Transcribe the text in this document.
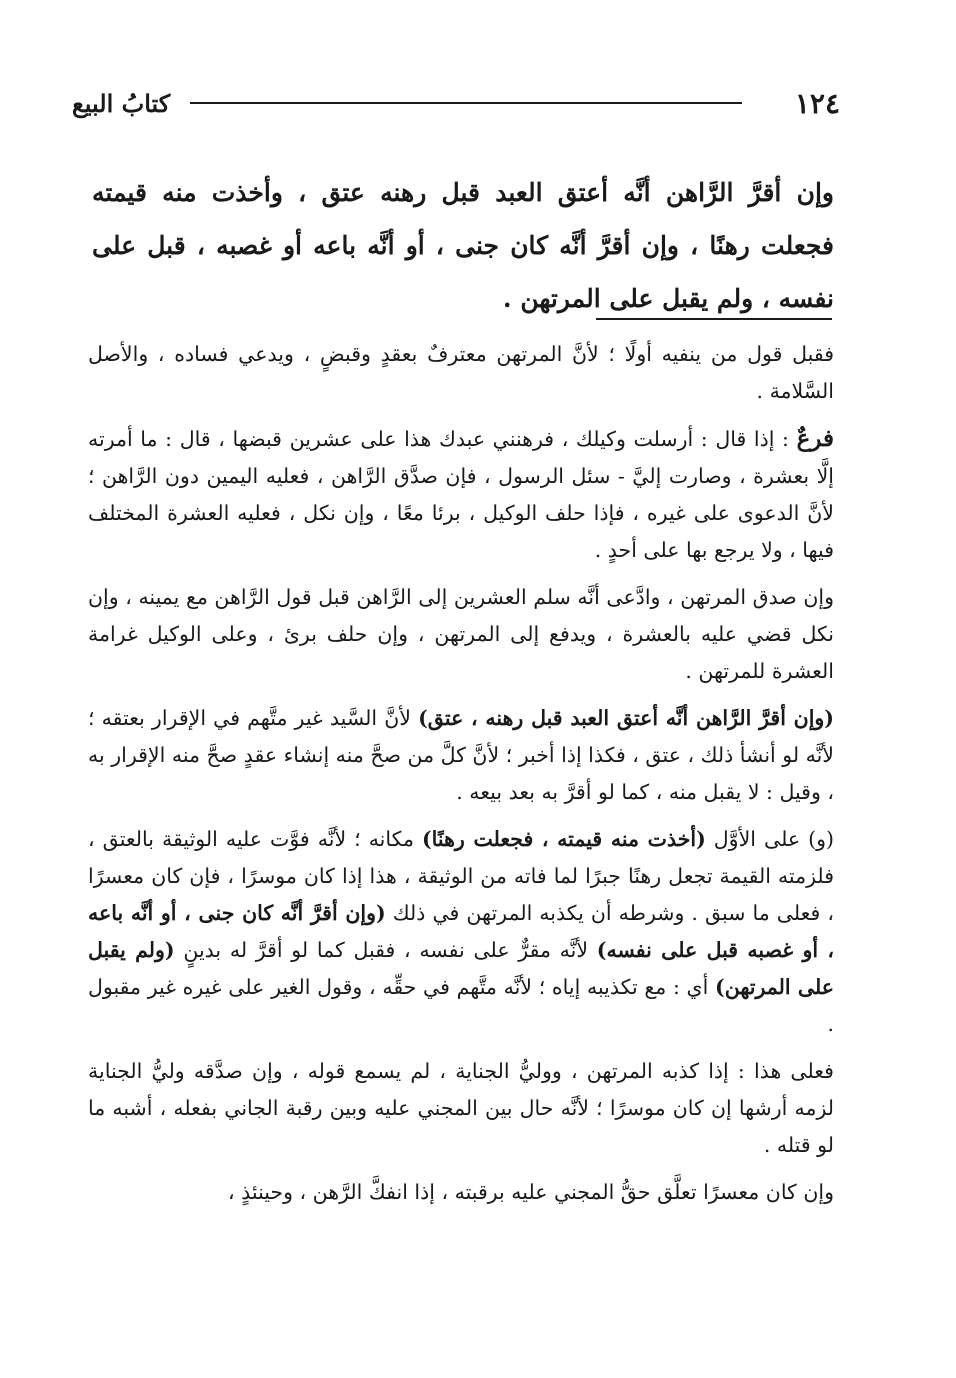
١٢٤
كتابُ البيع
وإن أقرَّ الرَّاهن أنَّه أعتق العبد قبل رهنه عتق ، وأخذت منه قيمته فجعلت رهنًا ، وإن أقرَّ أنَّه كان جنى ، أو أنَّه باعه أو غصبه ، قبل على نفسه ، ولم يقبل على المرتهن .

فقبل قول من ينفيه أولًا ؛ لأنَّ المرتهن معترفٌ بعقدٍ وقبضٍ ، ويدعي فساده ، والأصل السَّلامة .

فرعٌ : إذا قال : أرسلت وكيلك ، فرهنني عبدك هذا على عشرين قبضها ، قال : ما أمرته إلَّا بعشرة ، وصارت إليَّ - سئل الرسول ، فإن صدَّق الرَّاهن ، فعليه اليمين دون الرَّاهن ؛ لأنَّ الدعوى على غيره ، فإذا حلف الوكيل ، برئا معًا ، وإن نكل ، فعليه العشرة المختلف فيها ، ولا يرجع بها على أحدٍ .

وإن صدق المرتهن ، وادَّعى أنَّه سلم العشرين إلى الرَّاهن قبل قول الرَّاهن مع يمينه ، وإن نكل قضي عليه بالعشرة ، ويدفع إلى المرتهن ، وإن حلف برئ ، وعلى الوكيل غرامة العشرة للمرتهن .

(وإن أقرَّ الرَّاهن أنَّه أعتق العبد قبل رهنه ، عتق) لأنَّ السَّيد غير متَّهم في الإقرار بعتقه ؛ لأنَّه لو أنشأ ذلك ، عتق ، فكذا إذا أخبر ؛ لأنَّ كلَّ من صحَّ منه إنشاء عقدٍ صحَّ منه الإقرار به ، وقيل : لا يقبل منه ، كما لو أقرَّ به بعد بيعه .

(و) على الأوَّل (أخذت منه قيمته ، فجعلت رهنًا) مكانه ؛ لأنَّه فوَّت عليه الوثيقة بالعتق ، فلزمته القيمة تجعل رهنًا جبرًا لما فاته من الوثيقة ، هذا إذا كان موسرًا ، فإن كان معسرًا ، فعلى ما سبق . وشرطه أن يكذبه المرتهن في ذلك (وإن أقرَّ أنَّه كان جنى ، أو أنَّه باعه ، أو غصبه قبل على نفسه) لأنَّه مقرٌّ على نفسه ، فقبل كما لو أقرَّ له بدينٍ (ولم يقبل على المرتهن) أي : مع تكذيبه إياه ؛ لأنَّه متَّهم في حقِّه ، وقول الغير على غيره غير مقبول .

فعلى هذا : إذا كذبه المرتهن ، ووليُّ الجناية ، لم يسمع قوله ، وإن صدَّقه وليُّ الجناية لزمه أرشها إن كان موسرًا ؛ لأنَّه حال بين المجني عليه وبين رقبة الجاني بفعله ، أشبه ما لو قتله .

وإن كان معسرًا تعلَّق حقُّ المجني عليه برقبته ، إذا انفكَّ الرَّهن ، وحينئذٍ ،
